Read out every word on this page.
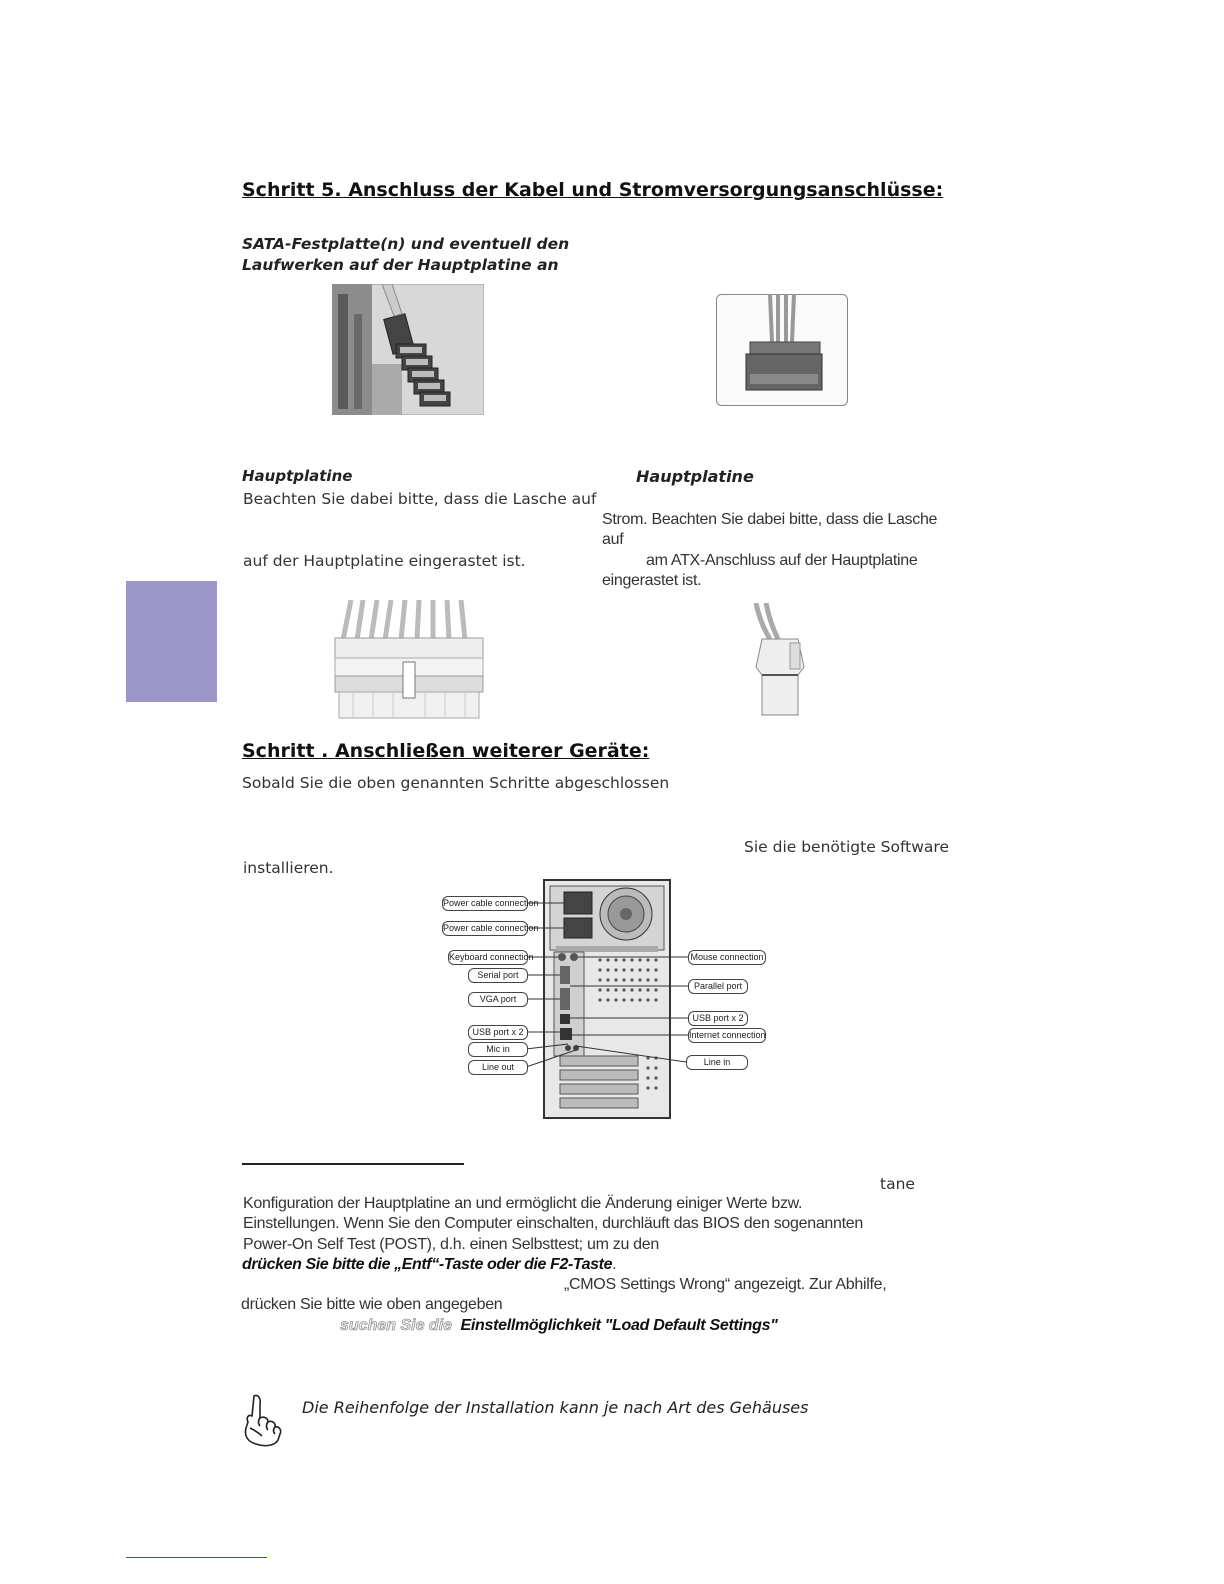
Schritt 5. Anschluss der Kabel und Stromversorgungsanschlüsse:
SATA-Festplatte(n) und eventuell den
Laufwerken auf der Hauptplatine an
Hauptplatine	Hauptplatine
Beachten Sie dabei bitte, dass die Lasche auf
auf der Hauptplatine eingerastet ist.
Strom. Beachten Sie dabei bitte, dass die Lasche
auf
am ATX-Anschluss auf der Hauptplatine
eingerastet ist.
Schritt . Anschließen weiterer Geräte:
Sobald Sie die oben genannten Schritte abgeschlossen
Sie die benötigte Software
installieren.
Power cable connection
Power cable connection
Keyboard connection
Serial port
VGA port
USB port x 2
Mic in
Line out
Mouse connection
Parallel port
USB port x 2
Internet connection
Line in
tane
Konfiguration der Hauptplatine an und ermöglicht die Änderung einiger Werte bzw.
Einstellungen. Wenn Sie den Computer einschalten, durchläuft das BIOS den sogenannten
Power-On Self Test (POST), d.h. einen Selbsttest; um zu den
drücken Sie bitte die „Entf“-Taste oder die F2-Taste.
„CMOS Settings Wrong“ angezeigt. Zur Abhilfe,
drücken Sie bitte wie oben angegeben
suchen Sie die Einstellmöglichkeit "Load Default Settings"
Die Reihenfolge der Installation kann je nach Art des Gehäuses
